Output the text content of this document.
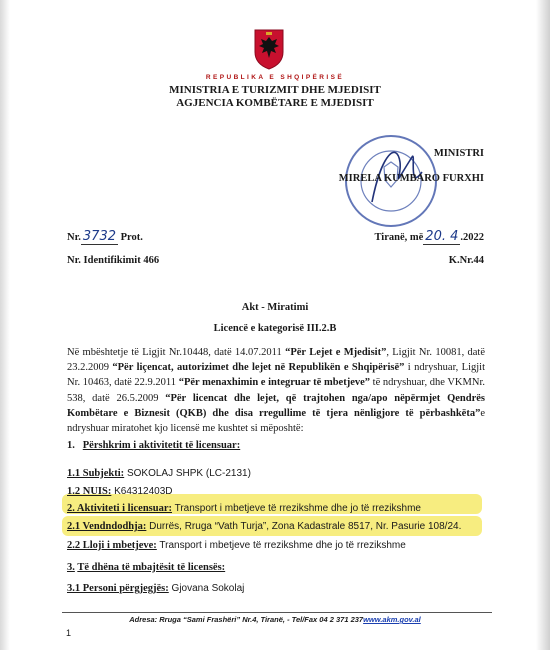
REPUBLIKA E SHQIPËRISË
MINISTRIA E TURIZMIT DHE MJEDISIT
AGJENCIA KOMBËTARE E MJEDISIT
MINISTRI
MIRELA KUMBARO FURXHI
Nr. 3732 Prot.	Tiranë, më 20. 4 .2022
Nr. Identifikimit 466	K.Nr.44
Akt - Miratimi
Licencë e kategorisë III.2.B
Në mbështetje të Ligjit Nr.10448, datë 14.07.2011 “Për Lejet e Mjedisit”, Ligjit Nr. 10081, datë 23.2.2009 “Për liçencat, autorizimet dhe lejet në Republikën e Shqipërisë” i ndryshuar, Ligjit Nr. 10463, datë 22.9.2011 “Për menaxhimin e integruar të mbetjeve” të ndryshuar, dhe VKMNr. 538, datë 26.5.2009 “Për licencat dhe lejet, që trajtohen nga/apo nëpërmjet Qendrës Kombëtare e Biznesit (QKB) dhe disa rregullime të tjera nënligjore të përbashkëta”e ndryshuar miratohet kjo licensë me kushtet si mëposhtë:
1. Përshkrim i aktivitetit të licensuar:
1.1 Subjekti: SOKOLAJ SHPK (LC-2131)
1.2 NUIS: K64312403D
2. Aktiviteti i licensuar: Transport i mbetjeve të rrezikshme dhe jo të rrezikshme
2.1 Vendndodhja: Durrës, Rruga “Vath Turja”, Zona Kadastrale 8517, Nr. Pasurie 108/24.
2.2 Lloji i mbetjeve: Transport i mbetjeve të rrezikshme dhe jo të rrezikshme
3. Të dhëna të mbajtësit të licensës:
3.1 Personi përgjegjës: Gjovana Sokolaj
Adresa: Rruga “Sami Frashëri” Nr.4, Tiranë, - Tel/Fax 04 2 371 237www.akm.gov.al
1
